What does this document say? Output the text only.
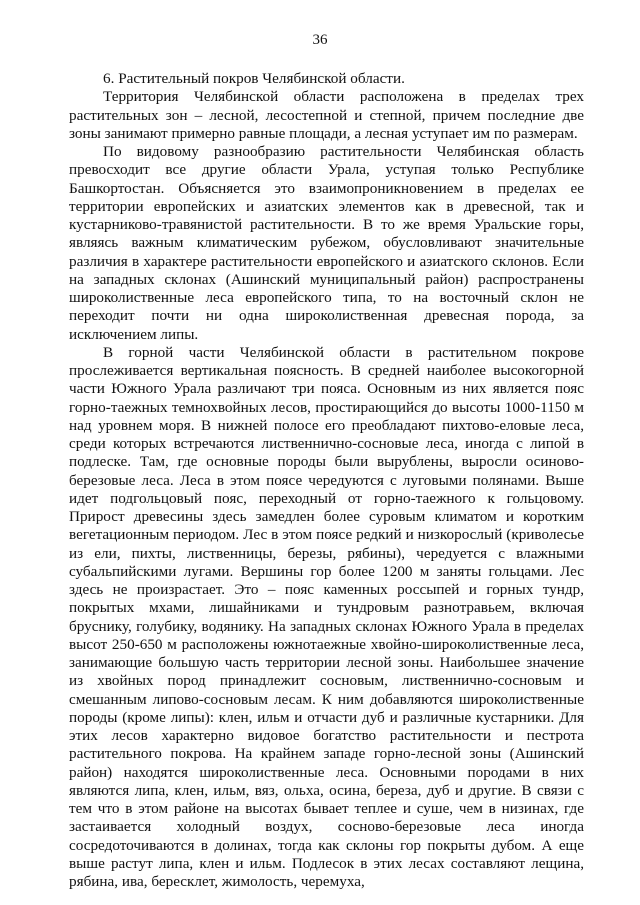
36

6. Растительный покров Челябинской области.

Территория Челябинской области расположена в пределах трех растительных зон – лесной, лесостепной и степной, причем последние две зоны занимают примерно равные площади, а лесная уступает им по размерам.

По видовому разнообразию растительности Челябинская область превосходит все другие области Урала, уступая только Республике Башкортостан. Объясняется это взаимопроникновением в пределах ее территории европейских и азиатских элементов как в древесной, так и кустарниково-травянистой растительности. В то же время Уральские горы, являясь важным климатическим рубежом, обусловливают значительные различия в характере растительности европейского и азиатского склонов. Если на западных склонах (Ашинский муниципальный район) распространены широколиственные леса европейского типа, то на восточный склон не переходит почти ни одна широколиственная древесная порода, за исключением липы.

В горной части Челябинской области в растительном покрове прослеживается вертикальная поясность. В средней наиболее высокогорной части Южного Урала различают три пояса. Основным из них является пояс горно-таежных темнохвойных лесов, простирающийся до высоты 1000-1150 м над уровнем моря. В нижней полосе его преобладают пихтово-еловые леса, среди которых встречаются лиственнично-сосновые леса, иногда с липой в подлеске. Там, где основные породы были вырублены, выросли осиново-березовые леса. Леса в этом поясе чередуются с луговыми полянами. Выше идет подгольцовый пояс, переходный от горно-таежного к гольцовому. Прирост древесины здесь замедлен более суровым климатом и коротким вегетационным периодом. Лес в этом поясе редкий и низкорослый (криволесье из ели, пихты, лиственницы, березы, рябины), чередуется с влажными субальпийскими лугами. Вершины гор более 1200 м заняты гольцами. Лес здесь не произрастает. Это – пояс каменных россыпей и горных тундр, покрытых мхами, лишайниками и тундровым разнотравьем, включая бруснику, голубику, водянику. На западных склонах Южного Урала в пределах высот 250-650 м расположены южнотаежные хвойно-широколиственные леса, занимающие большую часть территории лесной зоны. Наибольшее значение из хвойных пород принадлежит сосновым, лиственнично-сосновым и смешанным липово-сосновым лесам. К ним добавляются широколиственные породы (кроме липы): клен, ильм и отчасти дуб и различные кустарники. Для этих лесов характерно видовое богатство растительности и пестрота растительного покрова. На крайнем западе горно-лесной зоны (Ашинский район) находятся широколиственные леса. Основными породами в них являются липа, клен, ильм, вяз, ольха, осина, береза, дуб и другие. В связи с тем что в этом районе на высотах бывает теплее и суше, чем в низинах, где застаивается холодный воздух, сосново-березовые леса иногда сосредоточиваются в долинах, тогда как склоны гор покрыты дубом. А еще выше растут липа, клен и ильм. Подлесок в этих лесах составляют лещина, рябина, ива, бересклет, жимолость, черемуха,
